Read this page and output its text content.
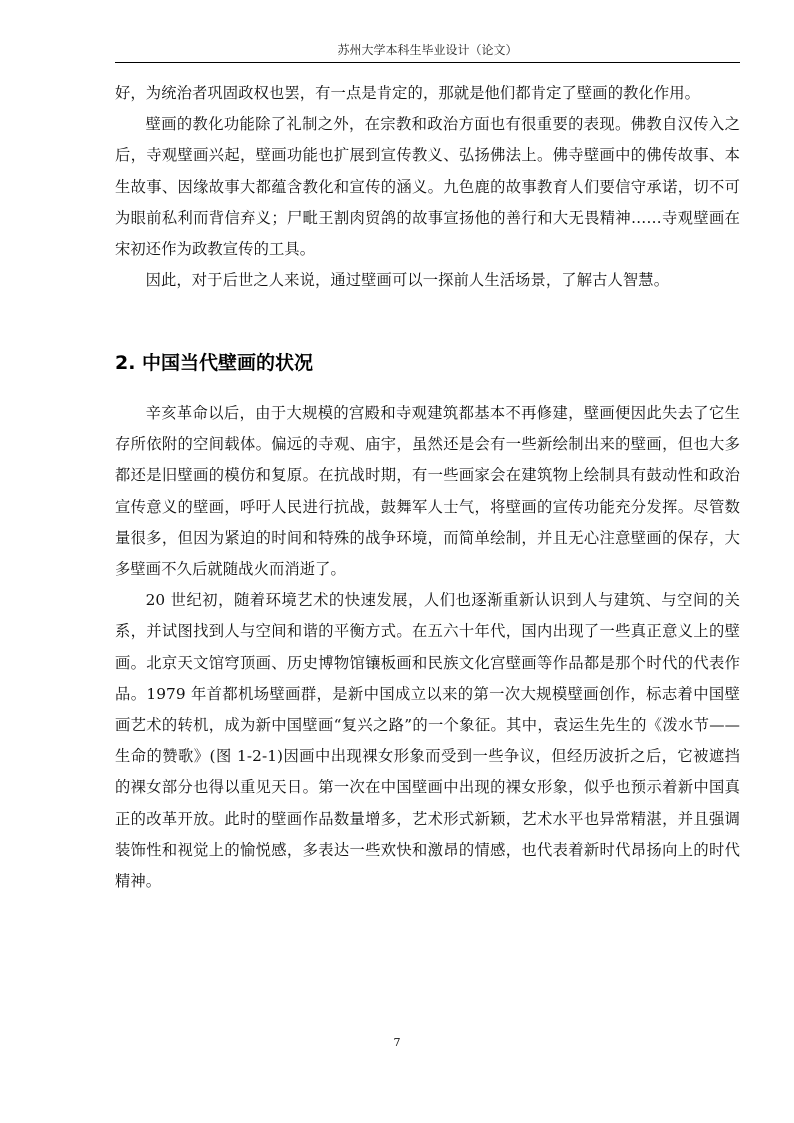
苏州大学本科生毕业设计（论文）

好，为统治者巩固政权也罢，有一点是肯定的，那就是他们都肯定了壁画的教化作用。

壁画的教化功能除了礼制之外，在宗教和政治方面也有很重要的表现。佛教自汉传入之后，寺观壁画兴起，壁画功能也扩展到宣传教义、弘扬佛法上。佛寺壁画中的佛传故事、本生故事、因缘故事大都蕴含教化和宣传的涵义。九色鹿的故事教育人们要信守承诺，切不可为眼前私利而背信弃义；尸毗王割肉贸鸽的故事宣扬他的善行和大无畏精神……寺观壁画在宋初还作为政教宣传的工具。

因此，对于后世之人来说，通过壁画可以一探前人生活场景，了解古人智慧。

2. 中国当代壁画的状况

辛亥革命以后，由于大规模的宫殿和寺观建筑都基本不再修建，壁画便因此失去了它生存所依附的空间载体。偏远的寺观、庙宇，虽然还是会有一些新绘制出来的壁画，但也大多都还是旧壁画的模仿和复原。在抗战时期，有一些画家会在建筑物上绘制具有鼓动性和政治宣传意义的壁画，呼吁人民进行抗战，鼓舞军人士气，将壁画的宣传功能充分发挥。尽管数量很多，但因为紧迫的时间和特殊的战争环境，而简单绘制，并且无心注意壁画的保存，大多壁画不久后就随战火而消逝了。

20 世纪初，随着环境艺术的快速发展，人们也逐渐重新认识到人与建筑、与空间的关系，并试图找到人与空间和谐的平衡方式。在五六十年代，国内出现了一些真正意义上的壁画。北京天文馆穹顶画、历史博物馆镶板画和民族文化宫壁画等作品都是那个时代的代表作品。1979 年首都机场壁画群，是新中国成立以来的第一次大规模壁画创作，标志着中国壁画艺术的转机，成为新中国壁画“复兴之路”的一个象征。其中，袁运生先生的《泼水节——生命的赞歌》(图 1-2-1)因画中出现裸女形象而受到一些争议，但经历波折之后，它被遮挡的裸女部分也得以重见天日。第一次在中国壁画中出现的裸女形象，似乎也预示着新中国真正的改革开放。此时的壁画作品数量增多，艺术形式新颖，艺术水平也异常精湛，并且强调装饰性和视觉上的愉悦感，多表达一些欢快和激昂的情感，也代表着新时代昂扬向上的时代精神。

7
